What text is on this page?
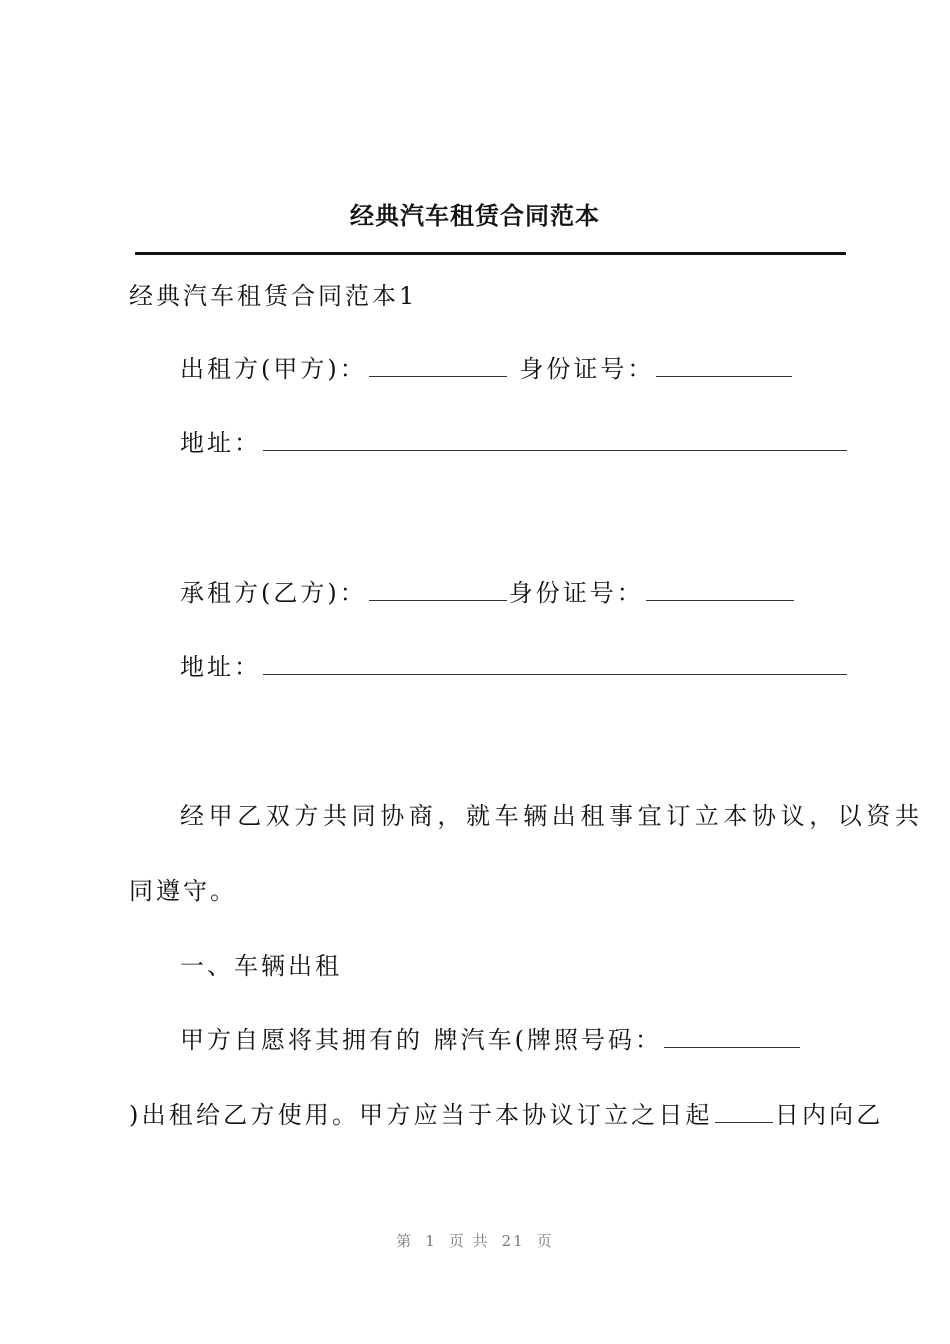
经典汽车租赁合同范本
经典汽车租赁合同范本1
出租方(甲方)：	身份证号：
地址：
承租方(乙方)：	身份证号：
地址：
经甲乙双方共同协商，就车辆出租事宜订立本协议，以资共
同遵守。
一、车辆出租
甲方自愿将其拥有的 牌汽车(牌照号码：
)出租给乙方使用。甲方应当于本协议订立之日起	日内向乙
第 1 页 共 21 页
